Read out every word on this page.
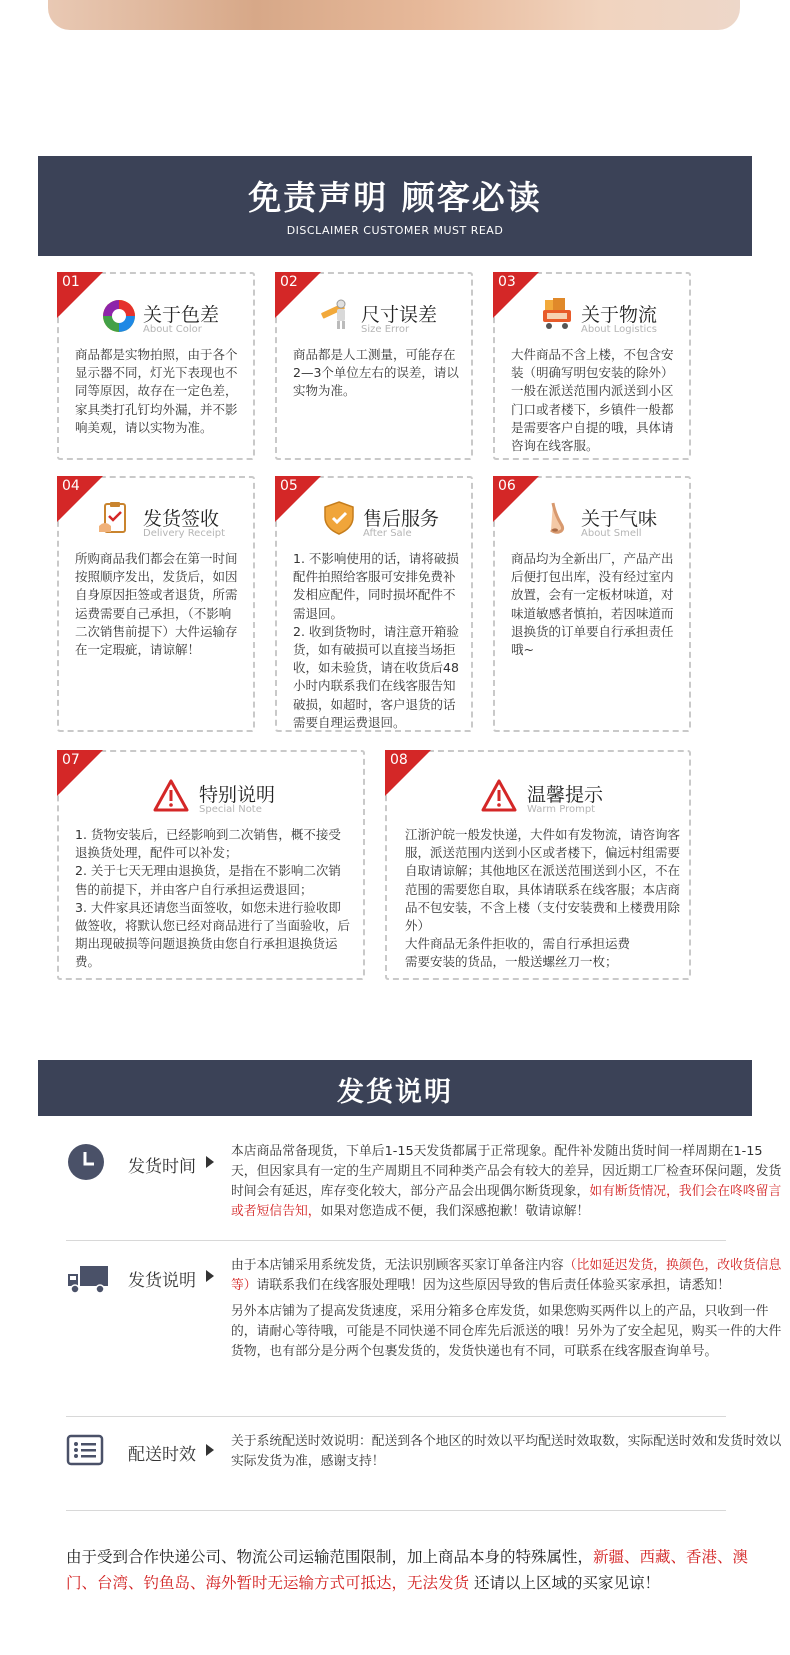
免责声明 顾客必读
DISCLAIMER CUSTOMER MUST READ
01
关于色差
About Color
商品都是实物拍照，由于各个显示器不同，灯光下表现也不同等原因，故存在一定色差，家具类打孔钉均外漏，并不影响美观，请以实物为准。
02
尺寸误差
Size Error
商品都是人工测量，可能存在2—3个单位左右的误差，请以实物为准。
03
关于物流
About Logistics
大件商品不含上楼，不包含安装（明确写明包安装的除外）一般在派送范围内派送到小区门口或者楼下，乡镇件一般都是需要客户自提的哦，具体请咨询在线客服。
04
发货签收
Delivery Receipt
所购商品我们都会在第一时间按照顺序发出，发货后，如因自身原因拒签或者退货，所需运费需要自己承担，（不影响二次销售前提下）大件运输存在一定瑕疵，请谅解！
05
售后服务
After Sale
1. 不影响使用的话，请将破损配件拍照给客服可安排免费补发相应配件，同时损坏配件不需退回。
2. 收到货物时，请注意开箱验货，如有破损可以直接当场拒收，如未验货，请在收货后48小时内联系我们在线客服告知破损，如超时，客户退货的话需要自理运费退回。
06
关于气味
About Smell
商品均为全新出厂，产品产出后便打包出库，没有经过室内放置，会有一定板材味道，对味道敏感者慎拍，若因味道而退换货的订单要自行承担责任哦~
07
特别说明
Special Note
1. 货物安装后，已经影响到二次销售，概不接受退换货处理，配件可以补发；
2. 关于七天无理由退换货，是指在不影响二次销售的前提下，并由客户自行承担运费退回；
3. 大件家具还请您当面签收，如您未进行验收即做签收，将默认您已经对商品进行了当面验收，后期出现破损等问题退换货由您自行承担退换货运费。
08
温馨提示
Warm Prompt
江浙沪皖一般发快递，大件如有发物流，请咨询客服，派送范围内送到小区或者楼下，偏远村组需要自取请谅解；其他地区在派送范围送到小区，不在范围的需要您自取，具体请联系在线客服；本店商品不包安装，不含上楼（支付安装费和上楼费用除外）
大件商品无条件拒收的，需自行承担运费
需要安装的货品，一般送螺丝刀一枚；
发货说明
发货时间
本店商品常备现货，下单后1-15天发货都属于正常现象。配件补发随出货时间一样周期在1-15天，但因家具有一定的生产周期且不同种类产品会有较大的差异，因近期工厂检查环保问题，发货时间会有延迟，库存变化较大，部分产品会出现偶尔断货现象，如有断货情况，我们会在咚咚留言或者短信告知，如果对您造成不便，我们深感抱歉！敬请谅解！
发货说明
由于本店铺采用系统发货，无法识别顾客买家订单备注内容（比如延迟发货，换颜色，改收货信息等）请联系我们在线客服处理哦！因为这些原因导致的售后责任体验买家承担，请悉知！
另外本店铺为了提高发货速度，采用分箱多仓库发货，如果您购买两件以上的产品，只收到一件的，请耐心等待哦，可能是不同快递不同仓库先后派送的哦！另外为了安全起见，购买一件的大件货物，也有部分是分两个包裹发货的，发货快递也有不同，可联系在线客服查询单号。
配送时效
关于系统配送时效说明：配送到各个地区的时效以平均配送时效取数，实际配送时效和发货时效以实际发货为准，感谢支持！
由于受到合作快递公司、物流公司运输范围限制，加上商品本身的特殊属性，新疆、西藏、香港、澳门、台湾、钓鱼岛、海外暂时无运输方式可抵达，无法发货 还请以上区域的买家见谅！
